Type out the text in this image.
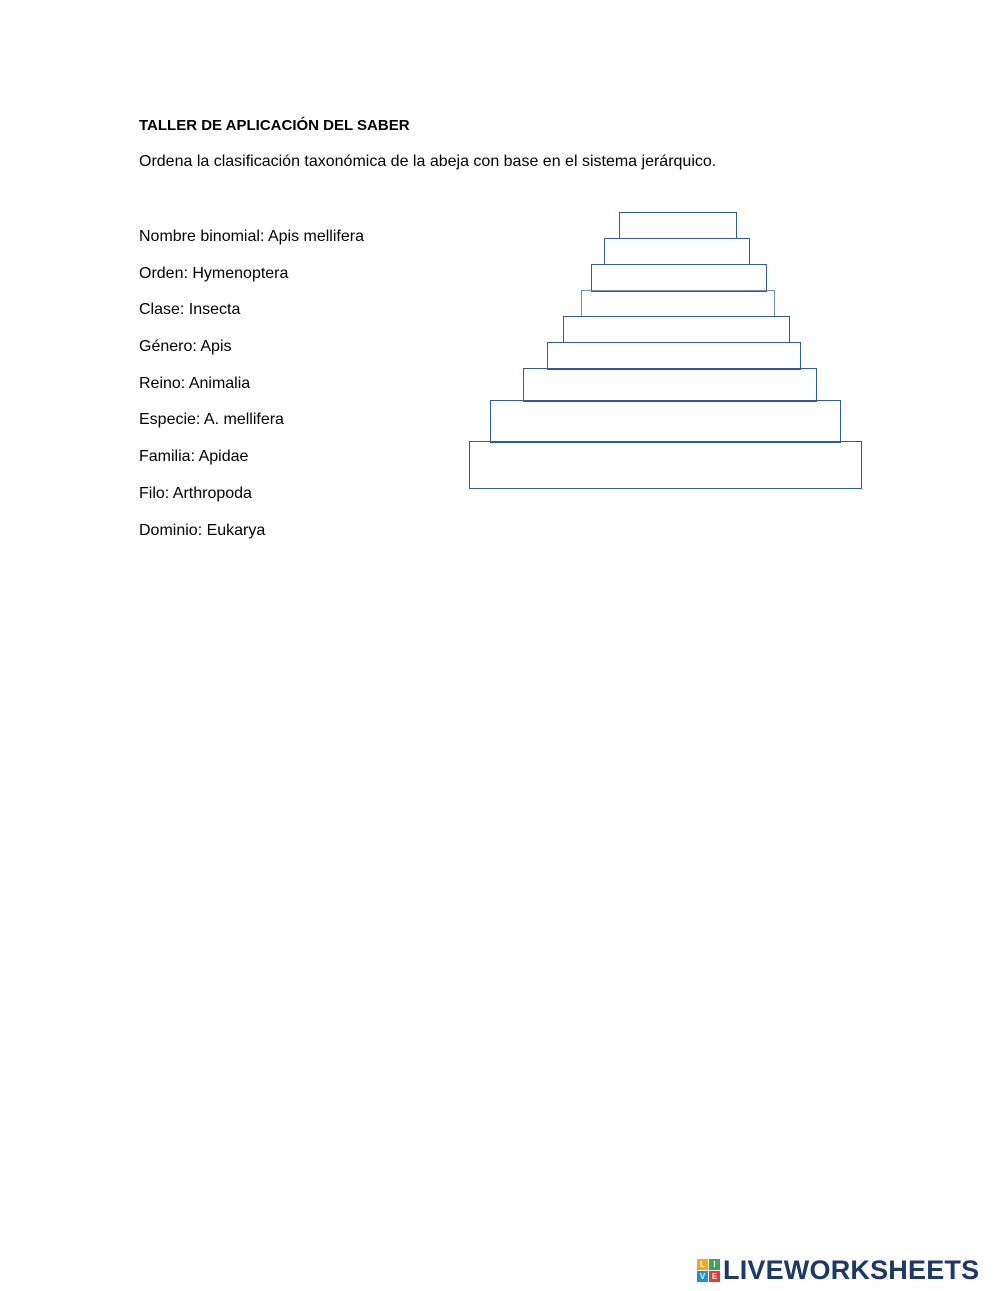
TALLER DE APLICACIÓN DEL SABER
Ordena la clasificación taxonómica de la abeja con base en el sistema jerárquico.
Nombre binomial: Apis mellifera
Orden: Hymenoptera
Clase: Insecta
Género: Apis
Reino: Animalia
Especie: A. mellifera
Familia: Apidae
Filo: Arthropoda
Dominio: Eukarya
L	I
V E LIVEWORKSHEETS
